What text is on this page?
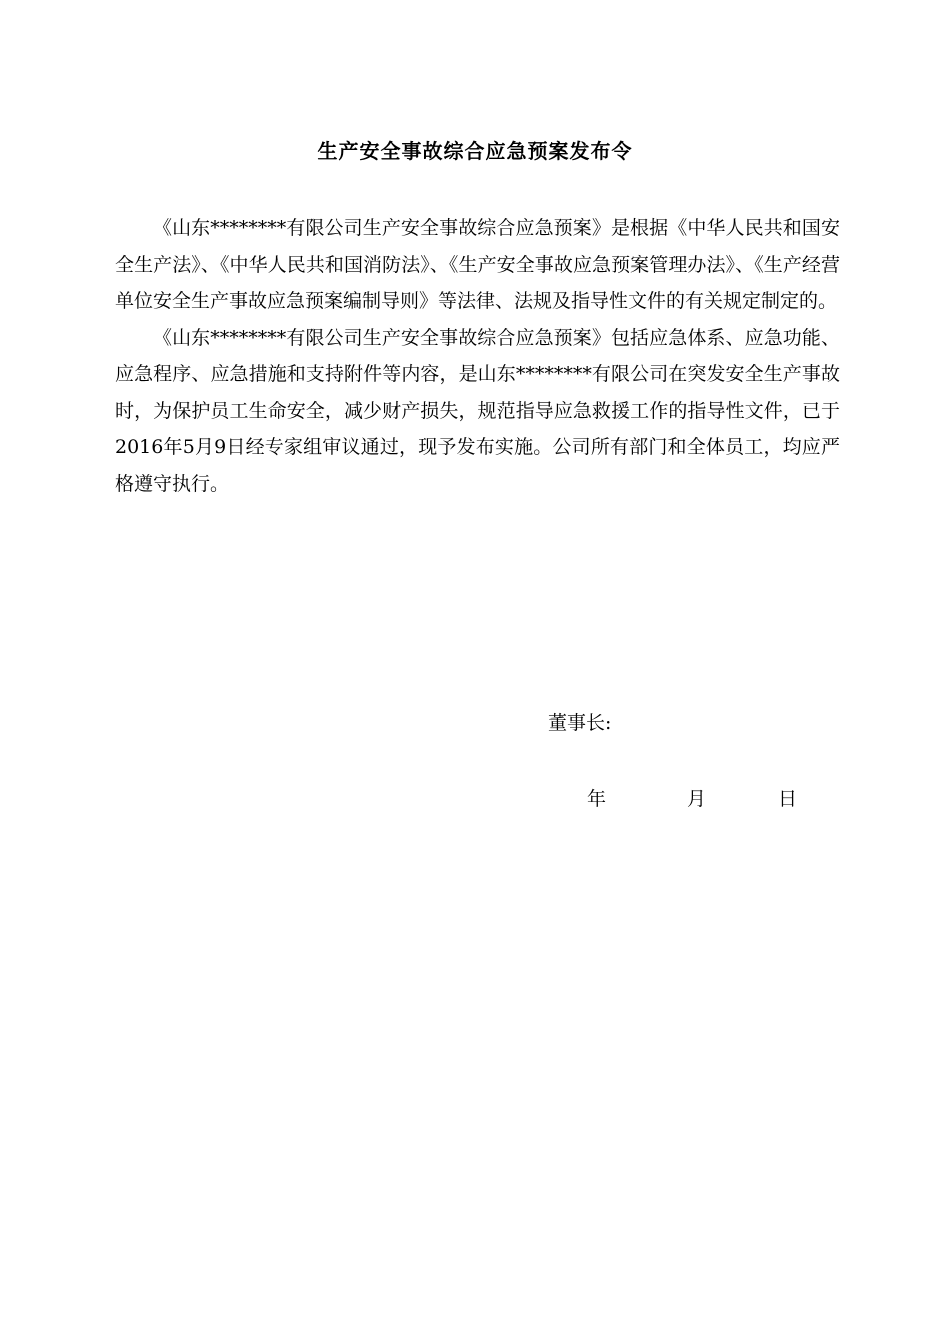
生产安全事故综合应急预案发布令

《山东********有限公司生产安全事故综合应急预案》是根据《中华人民共和国安全生产法》、《中华人民共和国消防法》、《生产安全事故应急预案管理办法》、《生产经营单位安全生产事故应急预案编制导则》等法律、法规及指导性文件的有关规定制定的。

《山东********有限公司生产安全事故综合应急预案》包括应急体系、应急功能、应急程序、应急措施和支持附件等内容，是山东********有限公司在突发安全生产事故时，为保护员工生命安全，减少财产损失，规范指导应急救援工作的指导性文件，已于2016年5月9日经专家组审议通过，现予发布实施。公司所有部门和全体员工，均应严格遵守执行。

董事长:
年	月	日
